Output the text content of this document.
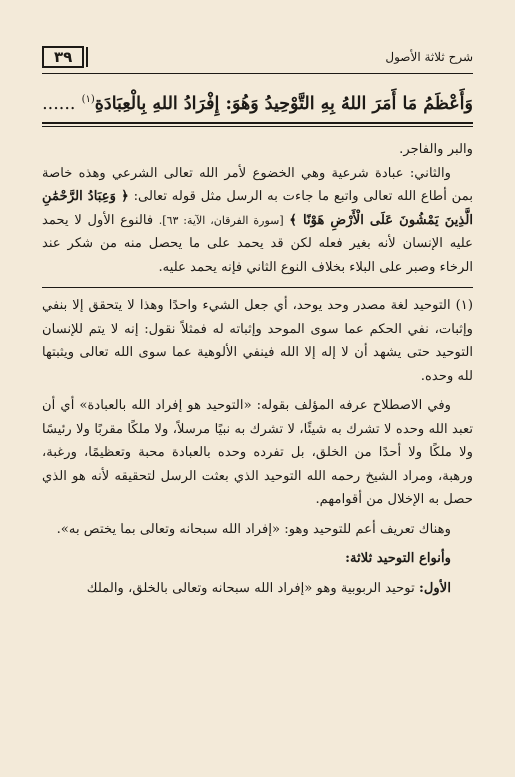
٣٩	شرح ثلاثة الأصول
وَأَعْظَمُ مَا أَمَرَ اللهُ بِهِ التَّوْحِيدُ وَهُوَ: إِفْرَادُ اللهِ بِالْعِبَادَةِ$^{(١)}$ ......

والبر والفاجر.

والثاني: عبادة شرعية وهي الخضوع لأمر الله تعالى الشرعي وهذه خاصة بمن أطاع الله تعالى واتبع ما جاءت به الرسل مثل قوله تعالى: ﴿ وَعِبَادُ الرَّحْمَٰنِ الَّذِينَ يَمْشُونَ عَلَى الْأَرْضِ هَوْنًا ﴾ [سورة الفرقان، الآية: ٦٣]. فالنوع الأول لا يحمد عليه الإنسان لأنه بغير فعله لكن قد يحمد على ما يحصل منه من شكر عند الرخاء وصبر على البلاء بخلاف النوع الثاني فإنه يحمد عليه.

(١) التوحيد لغة مصدر وحد يوحد، أي جعل الشيء واحدًا وهذا لا يتحقق إلا بنفي وإثبات، نفي الحكم عما سوى الموحد وإثباته له فمثلاً نقول: إنه لا يتم للإنسان التوحيد حتى يشهد أن لا إله إلا الله فينفي الألوهية عما سوى الله تعالى ويثبتها لله وحده.

وفي الاصطلاح عرفه المؤلف بقوله: «التوحيد هو إفراد الله بالعبادة» أي أن تعبد الله وحده لا تشرك به شيئًا، لا تشرك به نبيًا مرسلاً، ولا ملكًا مقربًا ولا رئيسًا ولا ملكًا ولا أحدًا من الخلق، بل تفرده وحده بالعبادة محبة وتعظيمًا، ورغبة، ورهبة، ومراد الشيخ رحمه الله التوحيد الذي بعثت الرسل لتحقيقه لأنه هو الذي حصل به الإخلال من أقوامهم.

وهناك تعريف أعم للتوحيد وهو: «إفراد الله سبحانه وتعالى بما يختص به».

وأنواع التوحيد ثلاثة:

الأول: توحيد الربوبية وهو «إفراد الله سبحانه وتعالى بالخلق، والملك
